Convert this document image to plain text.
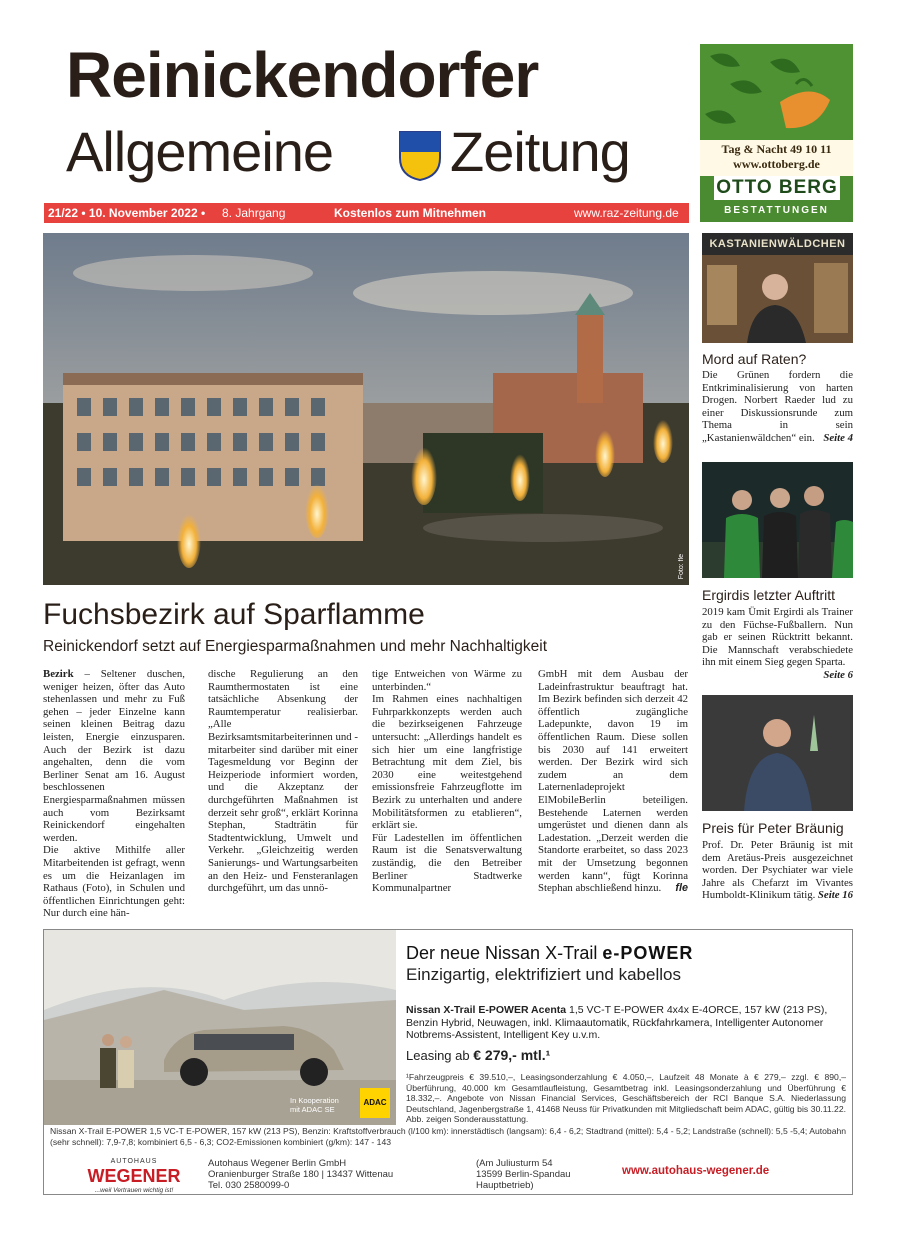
Reinickendorfer
Allgemeine Zeitung
21/22 • 10. November 2022 • 8. Jahrgang	Kostenlos zum Mitnehmen	www.raz-zeitung.de
Tag & Nacht 49 10 11
www.ottoberg.de
OTTO BERG
BESTATTUNGEN
Foto: fle
Fuchsbezirk auf Sparflamme
Reinickendorf setzt auf Energiesparmaßnahmen und mehr Nachhaltigkeit
Bezirk – Seltener duschen, weniger heizen, öfter das Auto stehenlassen und mehr zu Fuß gehen – jeder Einzelne kann seinen kleinen Beitrag dazu leisten, Energie einzusparen. Auch der Bezirk ist dazu angehalten, denn die vom Berliner Senat am 16. August beschlossenen Energiesparmaßnahmen müssen auch vom Bezirksamt Reinickendorf eingehalten werden.
Die aktive Mithilfe aller Mitarbeitenden ist gefragt, wenn es um die Heizanlagen im Rathaus (Foto), in Schulen und öffentlichen Einrichtungen geht: Nur durch eine hän-
dische Regulierung an den Raumthermostaten ist eine tatsächliche Absenkung der Raumtemperatur realisierbar. „Alle Bezirksamtsmitarbeiterinnen und -mitarbeiter sind darüber mit einer Tagesmeldung vor Beginn der Heizperiode informiert worden, und die Akzeptanz der durchgeführten Maßnahmen ist derzeit sehr groß“, erklärt Korinna Stephan, Stadträtin für Stadtentwicklung, Umwelt und Verkehr. „Gleichzeitig werden Sanierungs- und Wartungsarbeiten an den Heiz- und Fensteranlagen durchgeführt, um das unnö-
tige Entweichen von Wärme zu unterbinden.“
Im Rahmen eines nachhaltigen Fuhrparkkonzepts werden auch die bezirkseigenen Fahrzeuge untersucht: „Allerdings handelt es sich hier um eine langfristige Betrachtung mit dem Ziel, bis 2030 eine weitestgehend emissionsfreie Fahrzeugflotte im Bezirk zu unterhalten und andere Mobilitätsformen zu etablieren“, erklärt sie.
Für Ladestellen im öffentlichen Raum ist die Senatsverwaltung zuständig, die den Betreiber Berliner Stadtwerke Kommunalpartner
GmbH mit dem Ausbau der Ladeinfrastruktur beauftragt hat. Im Bezirk befinden sich derzeit 42 öffentlich zugängliche Ladepunkte, davon 19 im öffentlichen Raum. Diese sollen bis 2030 auf 141 erweitert werden. Der Bezirk wird sich zudem an dem Laternenladeprojekt ElMobileBerlin beteiligen. Bestehende Laternen werden umgerüstet und dienen dann als Ladestation. „Derzeit werden die Standorte erarbeitet, so dass 2023 mit der Umsetzung begonnen werden kann“, fügt Korinna Stephan abschließend hinzu. fle
KASTANIENWÄLDCHEN
Mord auf Raten?
Die Grünen fordern die Entkriminalisierung von harten Drogen. Norbert Raeder lud zu einer Diskussionsrunde zum Thema in sein „Kastanienwäldchen“ ein. Seite 4
Ergirdis letzter Auftritt
2019 kam Ümit Ergirdi als Trainer zu den Füchse-Fußballern. Nun gab er seinen Rücktritt bekannt. Die Mannschaft verabschiedete ihn mit einem Sieg gegen Sparta.
Seite 6
Preis für Peter Bräunig
Prof. Dr. Peter Bräunig ist mit dem Aretäus-Preis ausgezeichnet worden. Der Psychiater war viele Jahre als Chefarzt im Vivantes Humboldt-Klinikum tätig. Seite 16
In Kooperation mit ADAC SE
ADAC
Der neue Nissan X-Trail e-POWER
Einzigartig, elektrifiziert und kabellos
Nissan X-Trail E-POWER Acenta 1,5 VC-T E-POWER 4x4x E-4ORCE, 157 kW (213 PS), Benzin Hybrid, Neuwagen, inkl. Klimaautomatik, Rückfahrkamera, Intelligenter Autonomer Notbrems-Assistent, Intelligent Key u.v.m.
Leasing ab € 279,- mtl.¹
¹Fahrzeugpreis € 39.510,–, Leasingsonderzahlung € 4.050,–, Laufzeit 48 Monate à € 279,– zzgl. € 890,– Überführung, 40.000 km Gesamtlaufleistung, Gesamtbetrag inkl. Leasingsonderzahlung und Überführung € 18.332,–. Angebote von Nissan Financial Services, Geschäftsbereich der RCI Banque S.A. Niederlassung Deutschland, Jagenbergstraße 1, 41468 Neuss für Privatkunden mit Mitgliedschaft beim ADAC, gültig bis 30.11.22. Abb. zeigen Sonderausstattung.
Nissan X-Trail E-POWER 1,5 VC-T E-POWER, 157 kW (213 PS), Benzin: Kraftstoffverbrauch (l/100 km): innerstädtisch (langsam): 6,4 - 6,2; Stadtrand (mittel): 5,4 - 5,2; Landstraße (schnell): 5,5 -5,4; Autobahn (sehr schnell): 7,9-7,8; kombiniert 6,5 - 6,3; CO2-Emissionen kombiniert (g/km): 147 - 143
AUTOHAUS
WEGENER
...weil Vertrauen wichtig ist!
Autohaus Wegener Berlin GmbH
Oranienburger Straße 180 | 13437 Wittenau
Tel. 030 2580099-0
(Am Juliusturm 54
13599 Berlin-Spandau
Hauptbetrieb)
www.autohaus-wegener.de
